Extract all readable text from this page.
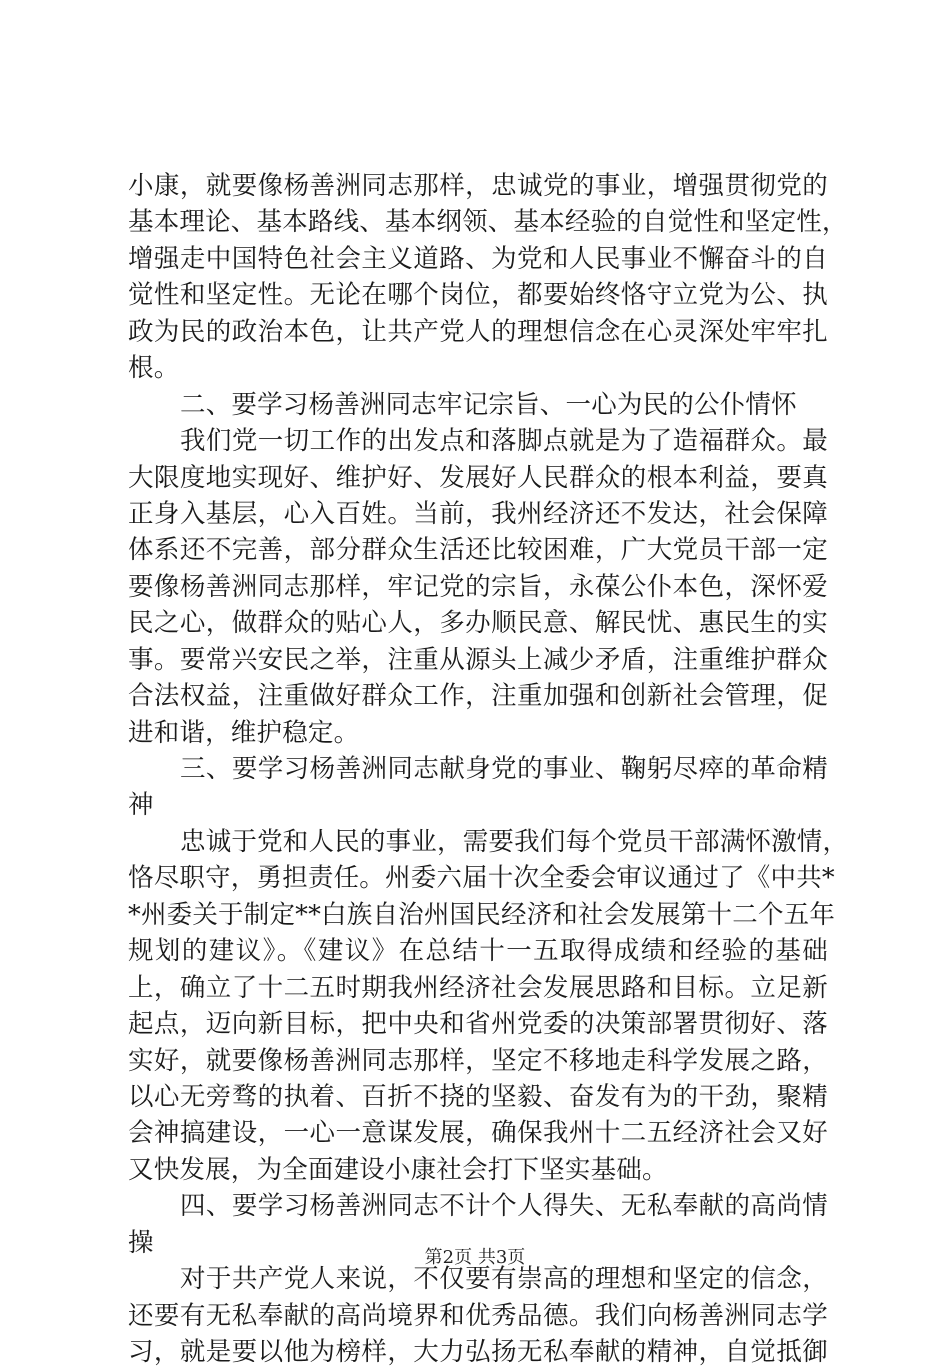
小康，就要像杨善洲同志那样，忠诚党的事业，增强贯彻党的
基本理论、基本路线、基本纲领、基本经验的自觉性和坚定性，
增强走中国特色社会主义道路、为党和人民事业不懈奋斗的自
觉性和坚定性。无论在哪个岗位，都要始终恪守立党为公、执
政为民的政治本色，让共产党人的理想信念在心灵深处牢牢扎
根。
二、要学习杨善洲同志牢记宗旨、一心为民的公仆情怀
我们党一切工作的出发点和落脚点就是为了造福群众。最
大限度地实现好、维护好、发展好人民群众的根本利益，要真
正身入基层，心入百姓。当前，我州经济还不发达，社会保障
体系还不完善，部分群众生活还比较困难，广大党员干部一定
要像杨善洲同志那样，牢记党的宗旨，永葆公仆本色，深怀爱
民之心，做群众的贴心人，多办顺民意、解民忧、惠民生的实
事。要常兴安民之举，注重从源头上减少矛盾，注重维护群众
合法权益，注重做好群众工作，注重加强和创新社会管理，促
进和谐，维护稳定。
三、要学习杨善洲同志献身党的事业、鞠躬尽瘁的革命精
神
忠诚于党和人民的事业，需要我们每个党员干部满怀激情，
恪尽职守，勇担责任。州委六届十次全委会审议通过了《中共*
*州委关于制定**白族自治州国民经济和社会发展第十二个五年
规划的建议》。《建议》在总结十一五取得成绩和经验的基础
上，确立了十二五时期我州经济社会发展思路和目标。立足新
起点，迈向新目标，把中央和省州党委的决策部署贯彻好、落
实好，就要像杨善洲同志那样，坚定不移地走科学发展之路，
以心无旁骛的执着、百折不挠的坚毅、奋发有为的干劲，聚精
会神搞建设，一心一意谋发展，确保我州十二五经济社会又好
又快发展，为全面建设小康社会打下坚实基础。
四、要学习杨善洲同志不计个人得失、无私奉献的高尚情
操
对于共产党人来说，不仅要有崇高的理想和坚定的信念，
还要有无私奉献的高尚境界和优秀品德。我们向杨善洲同志学
习，就是要以他为榜样，大力弘扬无私奉献的精神，自觉抵御
第2页 共3页
